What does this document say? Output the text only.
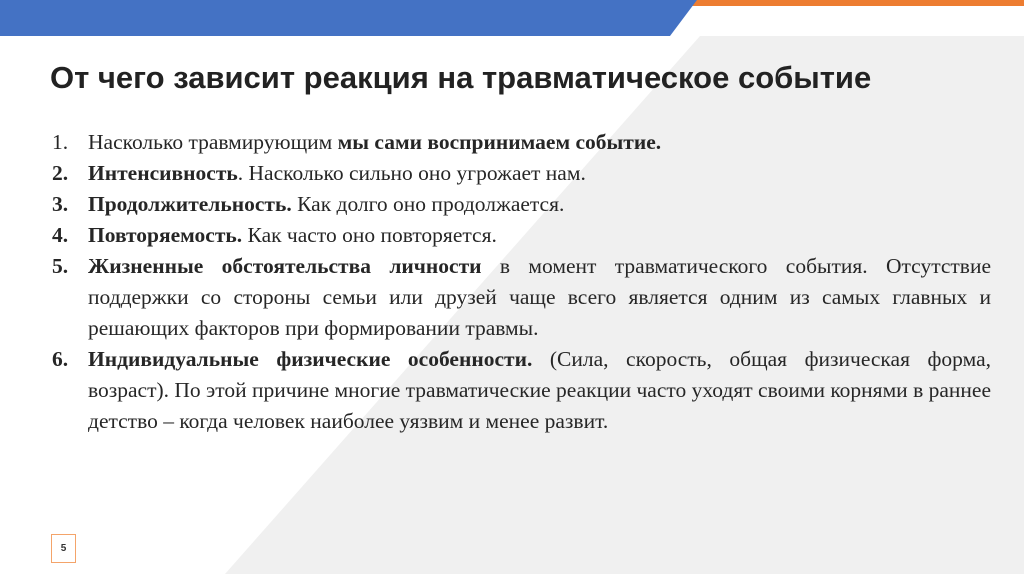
От чего зависит реакция на травматическое событие
1. Насколько травмирующим мы сами воспринимаем событие.
2. Интенсивность. Насколько сильно оно угрожает нам.
3. Продолжительность. Как долго оно продолжается.
4. Повторяемость. Как часто оно повторяется.
5. Жизненные обстоятельства личности в момент травматического события. Отсутствие поддержки со стороны семьи или друзей чаще всего является одним из самых главных и решающих факторов при формировании травмы.
6. Индивидуальные физические особенности. (Сила, скорость, общая физическая форма, возраст). По этой причине многие травматические реакции часто уходят своими корнями в раннее детство – когда человек наиболее уязвим и менее развит.
5
